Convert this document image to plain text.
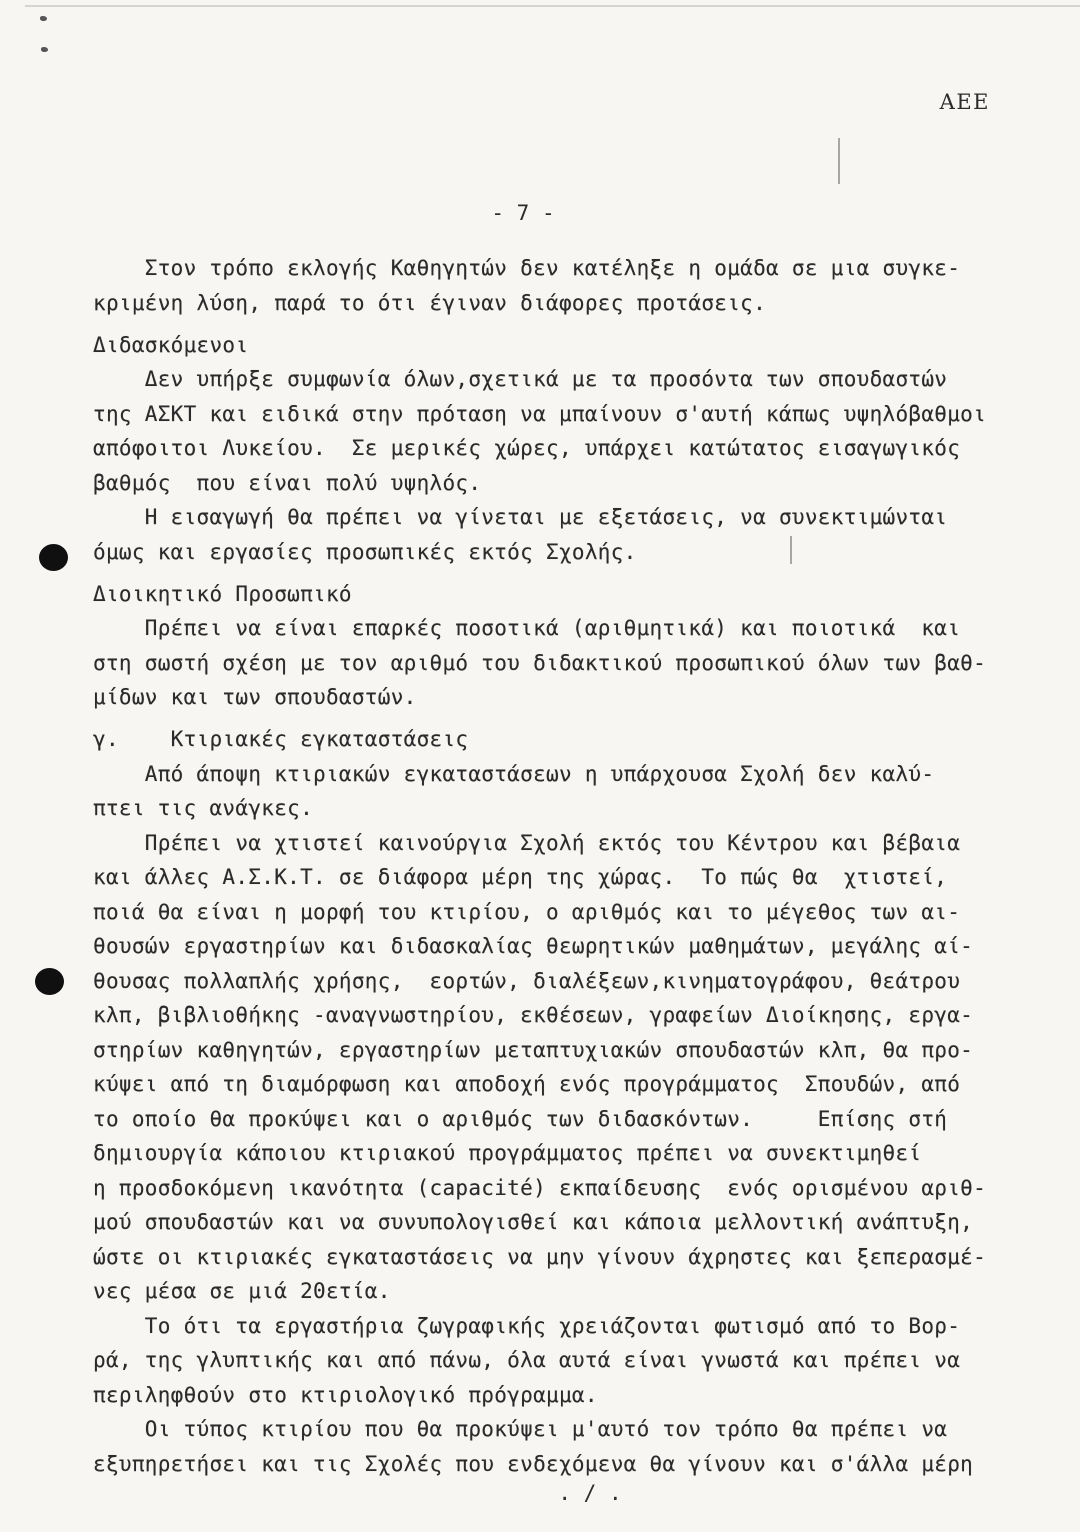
AEE
- 7 -
Στον τρόπο εκλογής Καθηγητών δεν κατέληξε η ομάδα σε μια συγκε-
κριμένη λύση, παρά το ότι έγιναν διάφορες προτάσεις.
Διδασκόμενοι
Δεν υπήρξε συμφωνία όλων,σχετικά με τα προσόντα των σπουδαστών
της ΑΣΚΤ και ειδικά στην πρόταση να μπαίνουν σ'αυτή κάπως υψηλόβαθμοι
απόφοιτοι Λυκείου.  Σε μερικές χώρες, υπάρχει κατώτατος εισαγωγικός
βαθμός  που είναι πολύ υψηλός.
Η εισαγωγή θα πρέπει να γίνεται με εξετάσεις, να συνεκτιμώνται
όμως και εργασίες προσωπικές εκτός Σχολής.
Διοικητικό Προσωπικό
Πρέπει να είναι επαρκές ποσοτικά (αριθμητικά) και ποιοτικά  και
στη σωστή σχέση με τον αριθμό του διδακτικού προσωπικού όλων των βαθ-
μίδων και των σπουδαστών.
γ.    Κτιριακές εγκαταστάσεις
Από άποψη κτιριακών εγκαταστάσεων η υπάρχουσα Σχολή δεν καλύ-
πτει τις ανάγκες.
Πρέπει να χτιστεί καινούργια Σχολή εκτός του Κέντρου και βέβαια
και άλλες Α.Σ.Κ.Τ. σε διάφορα μέρη της χώρας.  Το πώς θα  χτιστεί,
ποιά θα είναι η μορφή του κτιρίου, ο αριθμός και το μέγεθος των αι-
θουσών εργαστηρίων και διδασκαλίας θεωρητικών μαθημάτων, μεγάλης αί-
θουσας πολλαπλής χρήσης,  εορτών, διαλέξεων,κινηματογράφου, θεάτρου
κλπ, βιβλιοθήκης -αναγνωστηρίου, εκθέσεων, γραφείων Διοίκησης, εργα-
στηρίων καθηγητών, εργαστηρίων μεταπτυχιακών σπουδαστών κλπ, θα προ-
κύψει από τη διαμόρφωση και αποδοχή ενός προγράμματος  Σπουδών, από
το οποίο θα προκύψει και ο αριθμός των διδασκόντων.     Επίσης στή
δημιουργία κάποιου κτιριακού προγράμματος πρέπει να συνεκτιμηθεί
η προσδοκόμενη ικανότητα (capacité) εκπαίδευσης  ενός ορισμένου αριθ-
μού σπουδαστών και να συνυπολογισθεί και κάποια μελλοντική ανάπτυξη,
ώστε οι κτιριακές εγκαταστάσεις να μην γίνουν άχρηστες και ξεπερασμέ-
νες μέσα σε μιά 20ετία.
Το ότι τα εργαστήρια ζωγραφικής χρειάζονται φωτισμό από το Βορ-
ρά, της γλυπτικής και από πάνω, όλα αυτά είναι γνωστά και πρέπει να
περιληφθούν στο κτιριολογικό πρόγραμμα.
Οι τύπος κτιρίου που θα προκύψει μ'αυτό τον τρόπο θα πρέπει να
εξυπηρετήσει και τις Σχολές που ενδεχόμενα θα γίνουν και σ'άλλα μέρη
. / .
